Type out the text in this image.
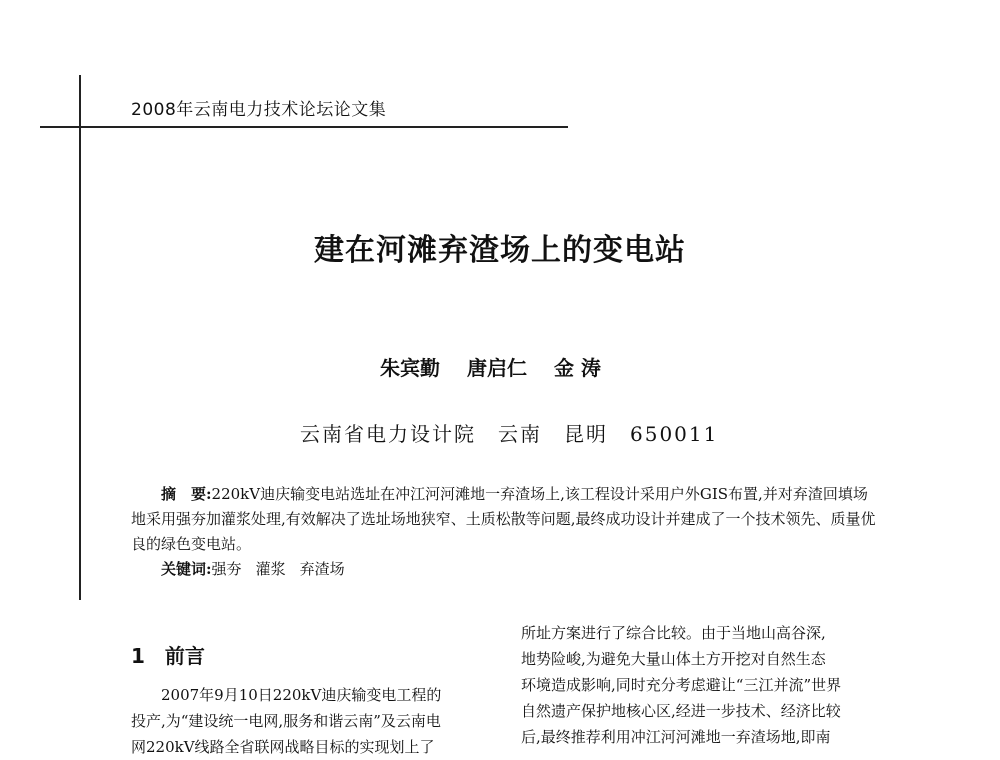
2008年云南电力技术论坛论文集
建在河滩弃渣场上的变电站
朱宾勤 唐启仁 金 涛
云南省电力设计院　云南　昆明　650011

摘　要:220kV迪庆输变电站选址在冲江河河滩地一弃渣场上,该工程设计采用户外GIS布置,并对弃渣回填场地采用强夯加灌浆处理,有效解决了选址场地狭窄、土质松散等问题,最终成功设计并建成了一个技术领先、质量优良的绿色变电站。

关键词:强夯 灌浆 弃渣场

1 前言

2007年9月10日220kV迪庆输变电工程的

投产,为“建设统一电网,服务和谐云南”及云南电

网220kV线路全省联网战略目标的实现划上了

所址方案进行了综合比较。由于当地山高谷深,

地势险峻,为避免大量山体土方开挖对自然生态

环境造成影响,同时充分考虑避让“三江并流”世界

自然遗产保护地核心区,经进一步技术、经济比较

后,最终推荐利用冲江河河滩地一弃渣场地,即南
